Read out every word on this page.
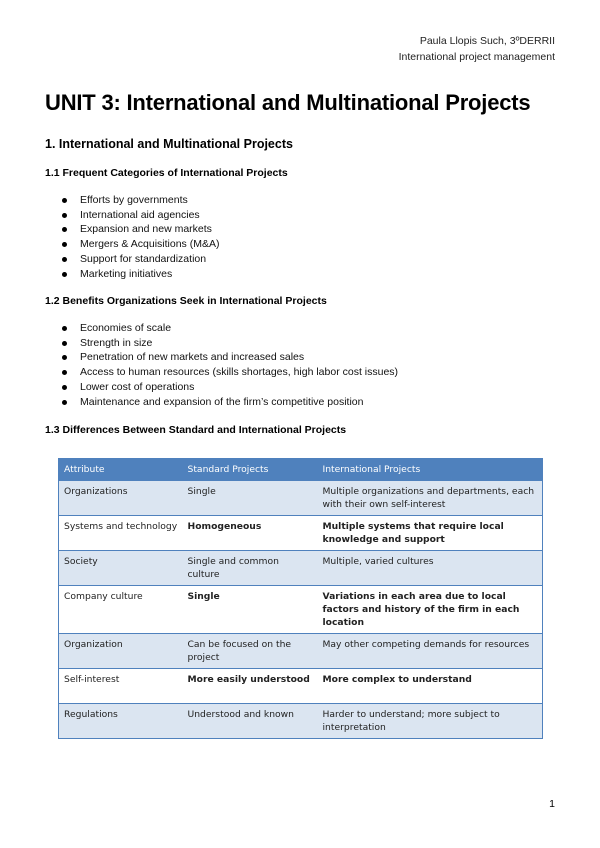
Paula Llopis Such, 3ºDERRII
International project management
UNIT 3: International and Multinational Projects
1. International and Multinational Projects
1.1 Frequent Categories of International Projects
Efforts by governments
International aid agencies
Expansion and new markets
Mergers & Acquisitions (M&A)
Support for standardization
Marketing initiatives
1.2 Benefits Organizations Seek in International Projects
Economies of scale
Strength in size
Penetration of new markets and increased sales
Access to human resources (skills shortages, high labor cost issues)
Lower cost of operations
Maintenance and expansion of the firm’s competitive position
1.3 Differences Between Standard and International Projects
Attribute	Standard Projects	International Projects
Organizations	Single	Multiple organizations and departments, each with their own self-interest
Systems and technology	Homogeneous	Multiple systems that require local knowledge and support
Society	Single and common culture	Multiple, varied cultures
Company culture	Single	Variations in each area due to local factors and history of the firm in each location
Organization	Can be focused on the project	May other competing demands for resources
Self-interest	More easily understood	More complex to understand
Regulations	Understood and known	Harder to understand; more subject to interpretation
1
